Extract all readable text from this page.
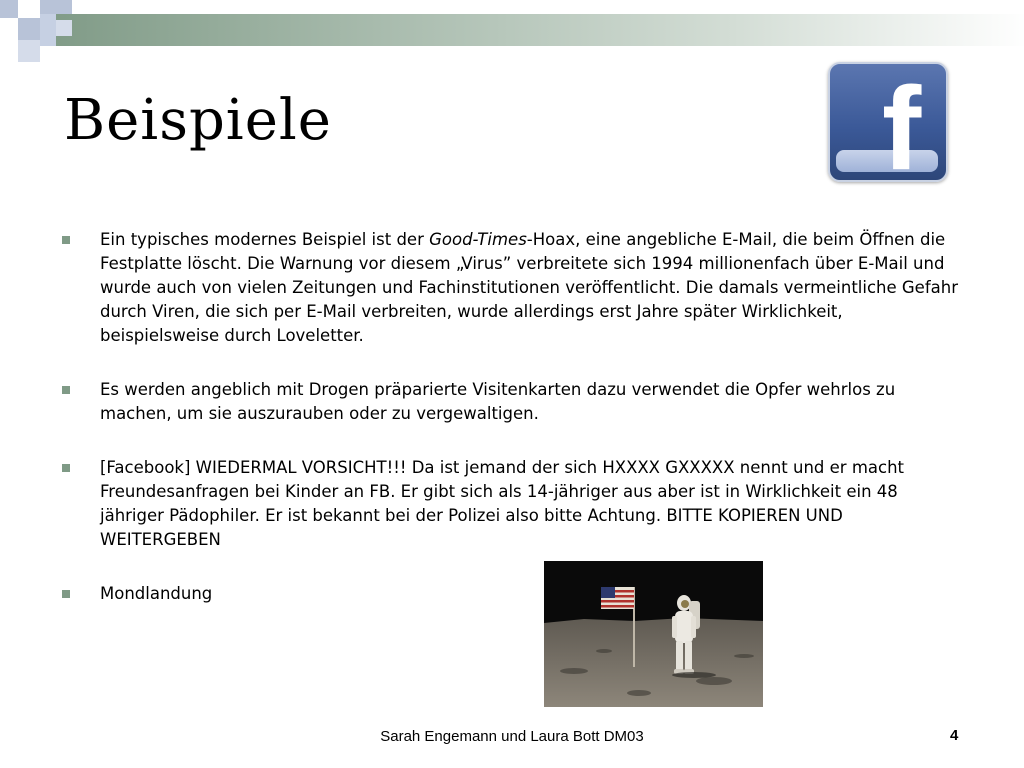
Beispiele	f
Ein typisches modernes Beispiel ist der Good-Times-Hoax, eine angebliche E-Mail, die beim Öffnen die Festplatte löscht. Die Warnung vor diesem „Virus” verbreitete sich 1994 millionenfach über E-Mail und wurde auch von vielen Zeitungen und Fachinstitutionen veröffentlicht. Die damals vermeintliche Gefahr durch Viren, die sich per E-Mail verbreiten, wurde allerdings erst Jahre später Wirklichkeit, beispielsweise durch Loveletter.
Es werden angeblich mit Drogen präparierte Visitenkarten dazu verwendet die Opfer wehrlos zu machen, um sie auszurauben oder zu vergewaltigen.
[Facebook] WIEDERMAL VORSICHT!!! Da ist jemand der sich HXXXX GXXXXX nennt und er macht Freundesanfragen bei Kinder an FB. Er gibt sich als 14-jähriger aus aber ist in Wirklichkeit ein 48 jähriger Pädophiler. Er ist bekannt bei der Polizei also bitte Achtung. BITTE KOPIEREN UND WEITERGEBEN
Mondlandung
Sarah Engemann und Laura Bott DM03	4
